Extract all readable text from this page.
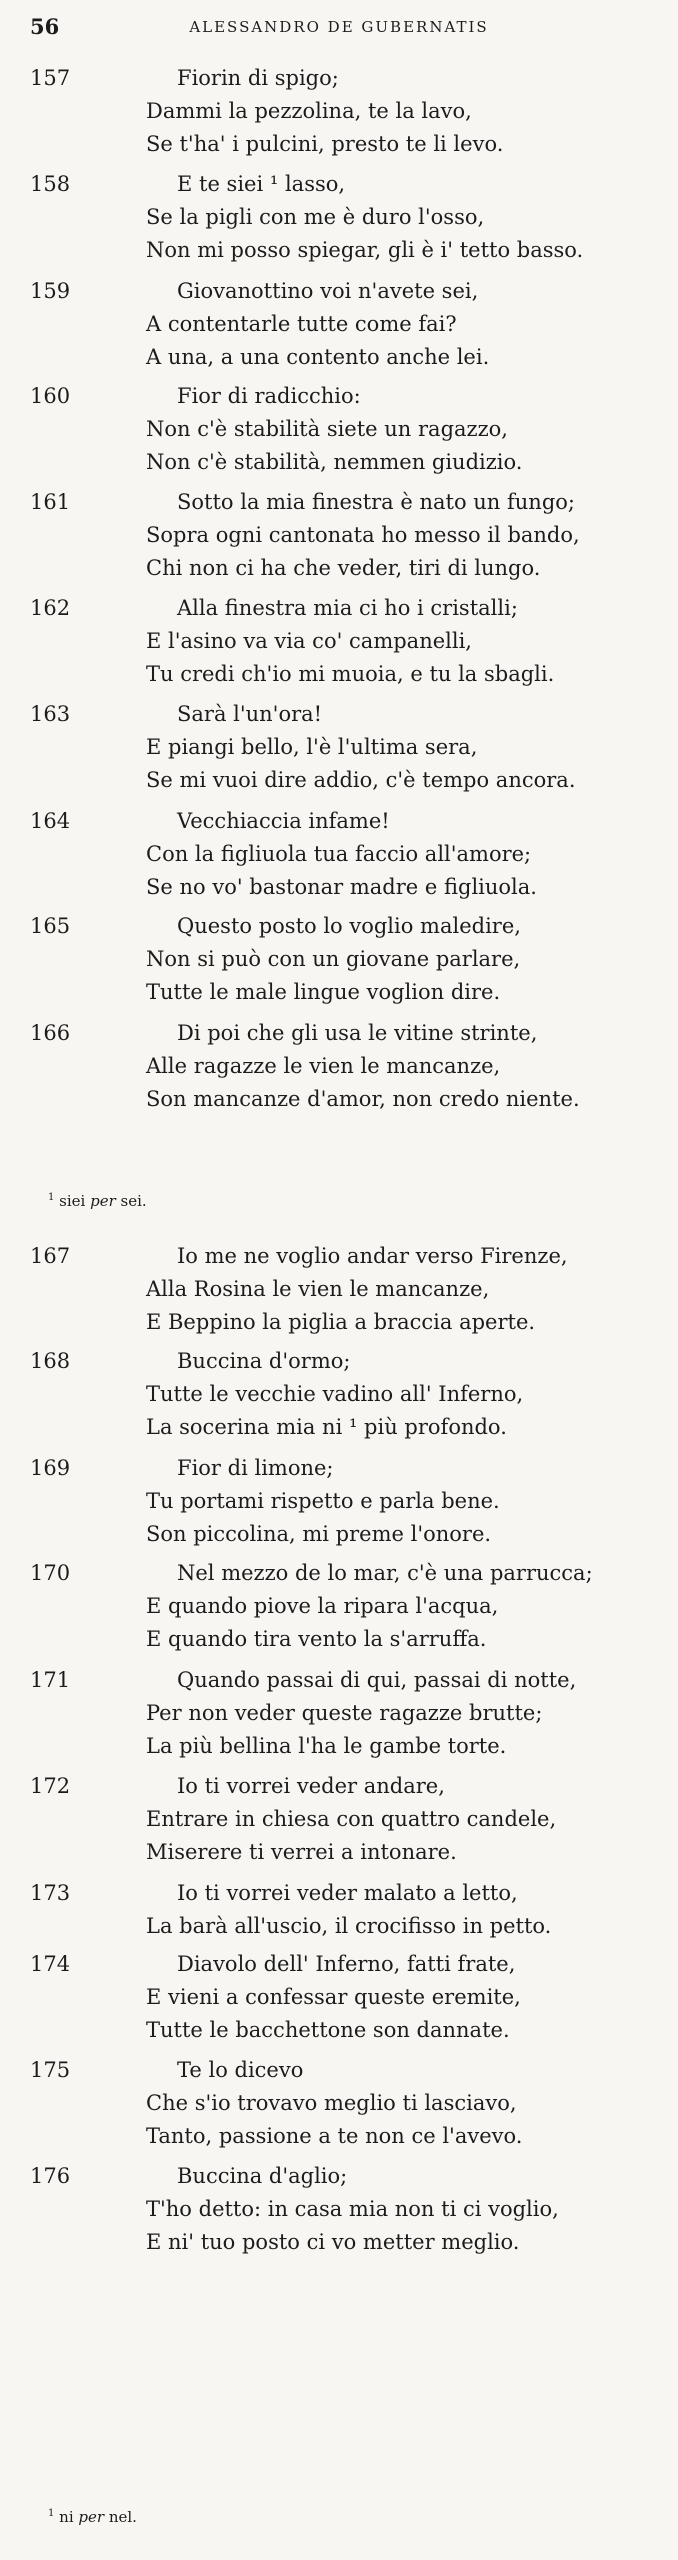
56	ALESSANDRO DE GUBERNATIS
157	Fiorin di spigo;
Dammi la pezzolina, te la lavo,
Se t'ha' i pulcini, presto te li levo.
158	E te siei ¹ lasso,
Se la pigli con me è duro l'osso,
Non mi posso spiegar, gli è i' tetto basso.
159	Giovanottino voi n'avete sei,
A contentarle tutte come fai?
A una, a una contento anche lei.
160	Fior di radicchio:
Non c'è stabilità siete un ragazzo,
Non c'è stabilità, nemmen giudizio.
161	Sotto la mia finestra è nato un fungo;
Sopra ogni cantonata ho messo il bando,
Chi non ci ha che veder, tiri di lungo.
162	Alla finestra mia ci ho i cristalli;
E l'asino va via co' campanelli,
Tu credi ch'io mi muoia, e tu la sbagli.
163	Sarà l'un'ora!
E piangi bello, l'è l'ultima sera,
Se mi vuoi dire addio, c'è tempo ancora.
164	Vecchiaccia infame!
Con la figliuola tua faccio all'amore;
Se no vo' bastonar madre e figliuola.
165	Questo posto lo voglio maledire,
Non si può con un giovane parlare,
Tutte le male lingue voglion dire.
166	Di poi che gli usa le vitine strinte,
Alle ragazze le vien le mancanze,
Son mancanze d'amor, non credo niente.
167	Io me ne voglio andar verso Firenze,
Alla Rosina le vien le mancanze,
E Beppino la piglia a braccia aperte.
168	Buccina d'ormo;
Tutte le vecchie vadino all' Inferno,
La socerina mia ni ¹ più profondo.
169	Fior di limone;
Tu portami rispetto e parla bene.
Son piccolina, mi preme l'onore.
170	Nel mezzo de lo mar, c'è una parrucca;
E quando piove la ripara l'acqua,
E quando tira vento la s'arruffa.
171	Quando passai di qui, passai di notte,
Per non veder queste ragazze brutte;
La più bellina l'ha le gambe torte.
172	Io ti vorrei veder andare,
Entrare in chiesa con quattro candele,
Miserere ti verrei a intonare.
173	Io ti vorrei veder malato a letto,
La barà all'uscio, il crocifisso in petto.
174	Diavolo dell' Inferno, fatti frate,
E vieni a confessar queste eremite,
Tutte le bacchettone son dannate.
175	Te lo dicevo
Che s'io trovavo meglio ti lasciavo,
Tanto, passione a te non ce l'avevo.
176	Buccina d'aglio;
T'ho detto: in casa mia non ti ci voglio,
E ni' tuo posto ci vo metter meglio.
$^1$ siei per sei.
$^1$ ni per nel.
